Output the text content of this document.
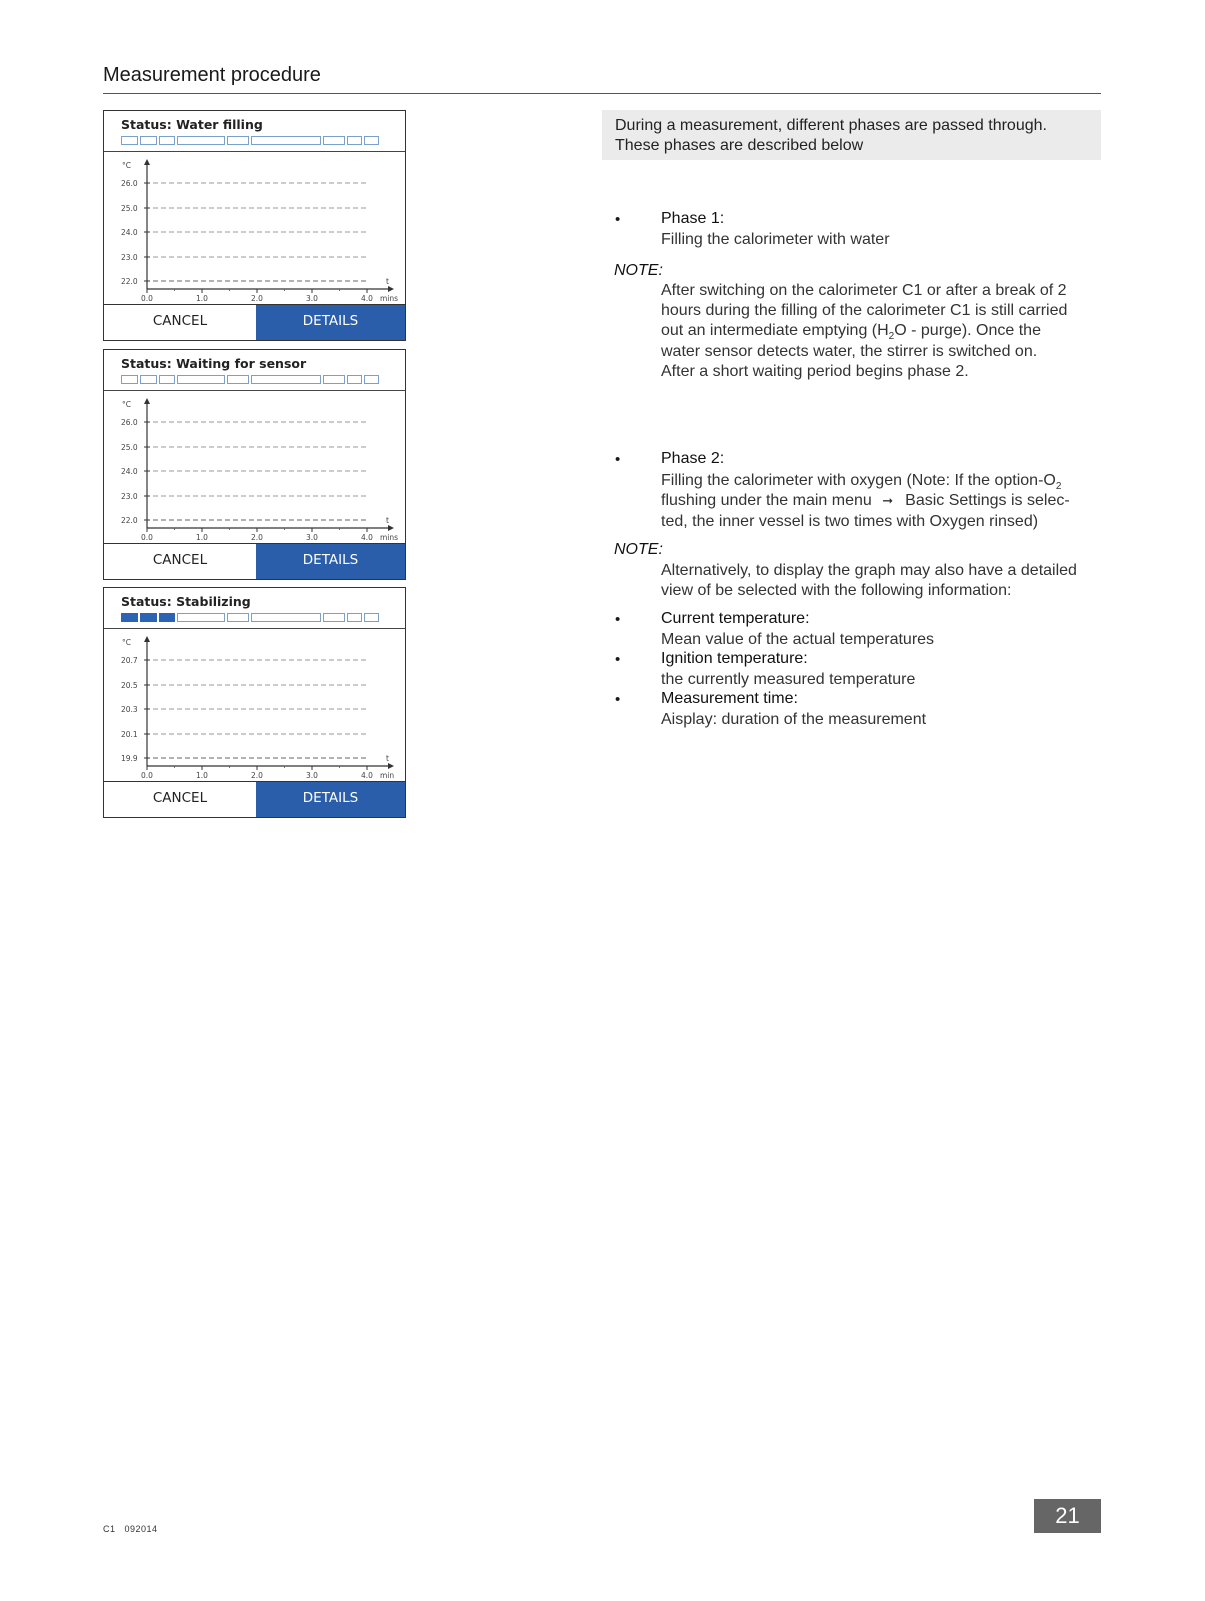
Measurement procedure
Status: Water filling
°C
t
26.0
25.0
24.0
23.0
22.0
0.0	1.0	2.0	3.0	4.0 mins
CANCEL	DETAILS
Status: Waiting for sensor
°C
t
26.0
25.0
24.0
23.0
22.0
0.0	1.0	2.0	3.0	4.0 mins
CANCEL	DETAILS
Status: Stabilizing
°C
t
20.7
20.5
20.3
20.1
19.9
0.0	1.0	2.0	3.0	4.0 min
CANCEL	DETAILS
During a measurement, different phases are passed through.
These phases are described below
•	Phase 1:
Filling the calorimeter with water
NOTE:
After switching on the calorimeter C1 or after a break of 2
hours during the filling of the calorimeter C1 is still carried
out an intermediate emptying ($H_2O$ - purge). Once the
water sensor detects water, the stirrer is switched on.
After a short waiting period begins phase 2.
•	Phase 2:
Filling the calorimeter with oxygen (Note: If the option-$O_2$
flushing under the main menu ➞ Basic Settings is selec-
ted, the inner vessel is two times with Oxygen rinsed)
NOTE:
Alternatively, to display the graph may also have a detailed
view of be selected with the following information:
•	Current temperature:
Mean value of the actual temperatures
•	Ignition temperature:
the currently measured temperature
•	Measurement time:
Aisplay: duration of the measurement
C1   092014
21
